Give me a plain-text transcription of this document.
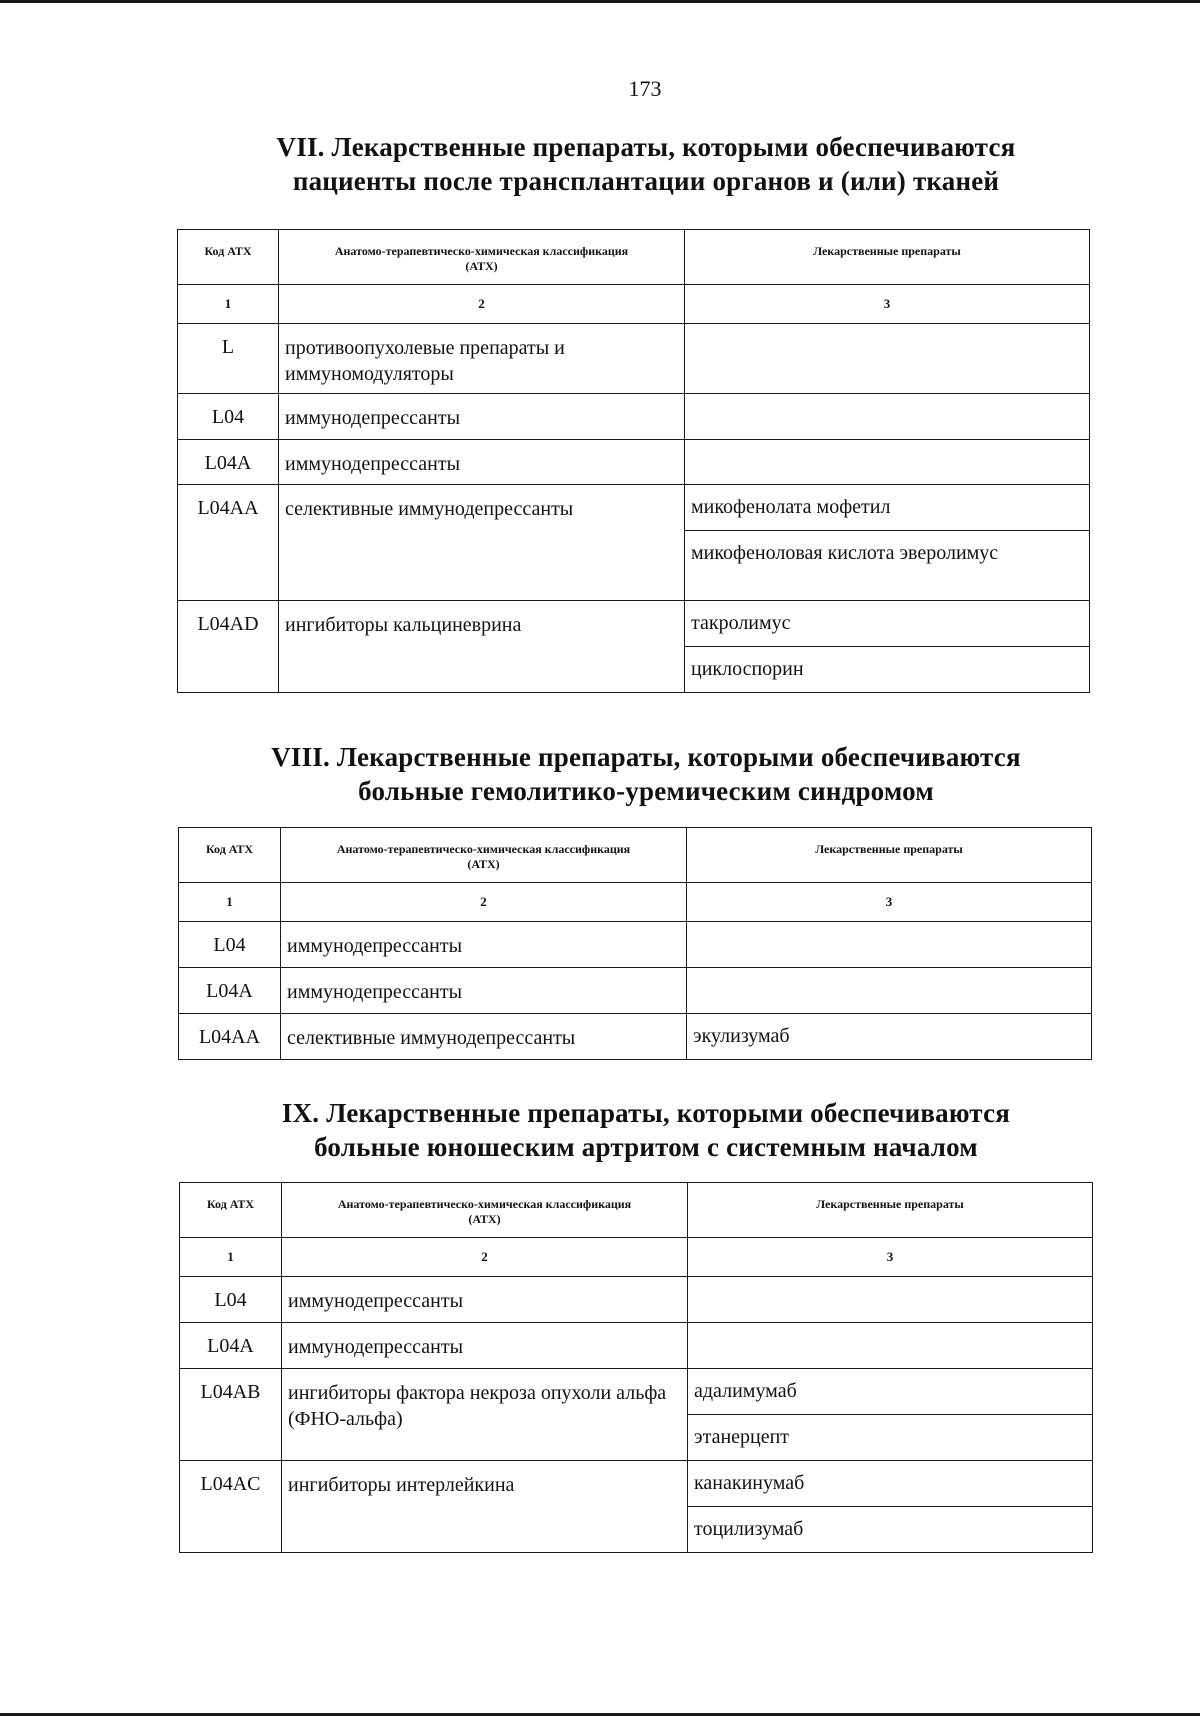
173
VII. Лекарственные препараты, которыми обеспечиваются
пациенты после трансплантации органов и (или) тканей
Код АТХ	Анатомо-терапевтическо-химическая классификация (АТХ)	Лекарственные препараты
1	2	3
L	противоопухолевые препараты и иммуномодуляторы	
L04	иммунодепрессанты	
L04A	иммунодепрессанты	
L04AA	селективные иммунодепрессанты	микофенолата мофетил
		микофеноловая кислота эверолимус
L04AD	ингибиторы кальциневрина	такролимус
		циклоспорин
VIII. Лекарственные препараты, которыми обеспечиваются
больные гемолитико-уремическим синдромом
Код АТХ	Анатомо-терапевтическо-химическая классификация (АТХ)	Лекарственные препараты
1	2	3
L04	иммунодепрессанты	
L04A	иммунодепрессанты	
L04AA	селективные иммунодепрессанты	экулизумаб
IX. Лекарственные препараты, которыми обеспечиваются
больные юношеским артритом с системным началом
Код АТХ	Анатомо-терапевтическо-химическая классификация (АТХ)	Лекарственные препараты
1	2	3
L04	иммунодепрессанты	
L04A	иммунодепрессанты	
L04AB	ингибиторы фактора некроза опухоли альфа (ФНО-альфа)	адалимумаб
		этанерцепт
L04AC	ингибиторы интерлейкина	канакинумаб
		тоцилизумаб
